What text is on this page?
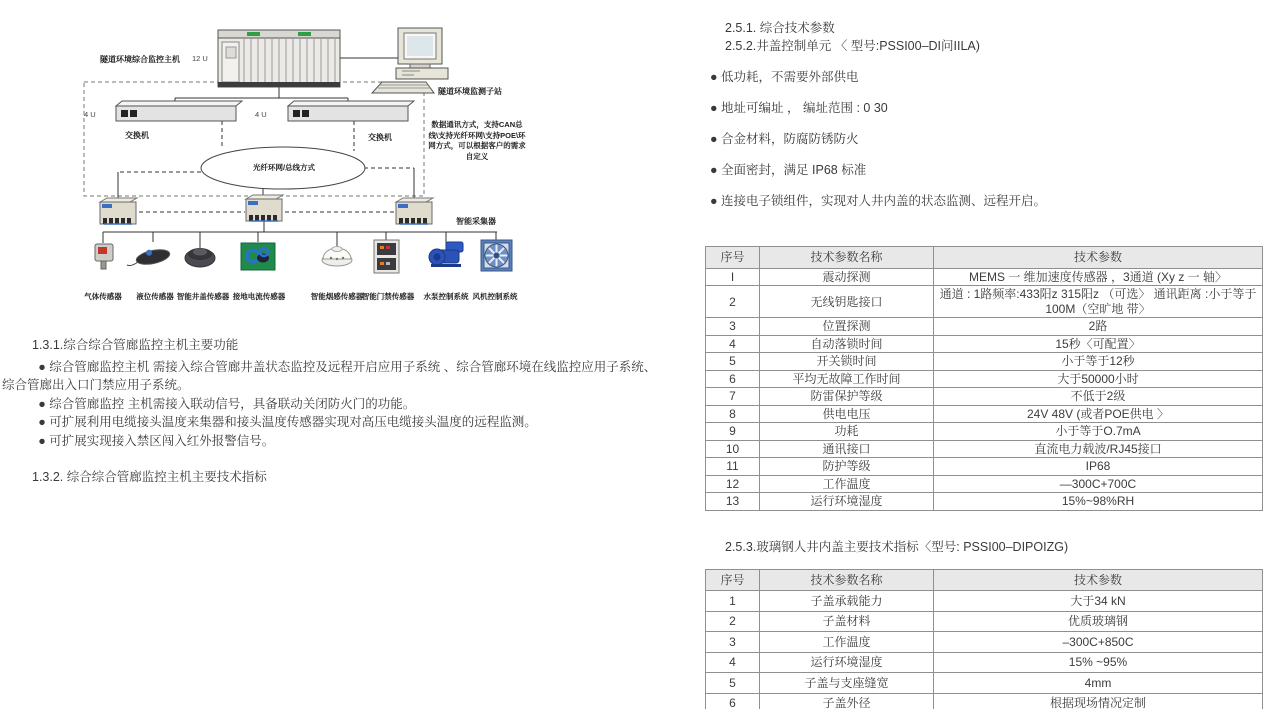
隧道环境综合监控主机 12 U
隧道环境监测子站
数据通讯方式，支持CAN总线\支持光纤环网\支持POE\环网方式，可以根据客户的需求自定义
4 U	4 U
交换机	交换机
光纤环网/总线方式
智能采集器
气体传感器	液位传感器 智能井盖传感器 接地电流传感器	智能烟感传感器
智能门禁传感器	水泵控制系统 风机控制系统

1.3.1.综合综合管廊监控主机主要功能

● 综合管廊监控主机 需接入综合管廊井盖状态监控及远程开启应用子系统 、综合管廊环境在线监控应用子系统、综合管廊出入口门禁应用子系统。

● 综合管廊监控 主机需接入联动信号，具备联动关闭防火门的功能。

● 可扩展利用电缆接头温度来集器和接头温度传感器实现对高压电缆接头温度的远程监测。

● 可扩展实现接入禁区闯入红外报警信号。

1.3.2. 综合综合管廊监控主机主要技术指标

2.5.1. 综合技术参数

2.5.2.井盖控制单元 〈 型号:PSSI00–DI问IILA)

● 低功耗，不需要外部供电

● 地址可编址 ， 编址范围 : 0 30

● 合金材料，防腐防锈防火

● 全面密封，满足 IP68 标准

● 连接电子锁组件，实现对人井内盖的状态监测、远程开启。

序号	技术参数名称	技术参数
I	震动探测	MEMS 一 维加速度传感器 ，3通道 (Xy z 一 轴〉
2	无线钥匙接口	通道 : 1路频率:433阳z 315阳z （可选〉 通讯距离 :小于等于100M（空旷地 带〉
3	位置探测	2路
4	自动落锁时间	15秒〈可配置〉
5	开关锁时间	小于等于12秒
6	平均无故障工作时间	大于50000小时
7	防雷保护等级	不低于2级
8	供电电压	24V 48V (或者POE供电 〉
9	功耗	小于等于O.7mA
10	通讯接口	直流电力载波/RJ45接口
11	防护等级	IP68
12	工作温度	—300C+700C
13	运行环境湿度	15%~98%RH

2.5.3.玻璃钢人井内盖主要技术指标〈型号: PSSI00–DIPOIZG)

序号	技术参数名称	技术参数
1	子盖承载能力	大于34 kN
2	子盖材料	优质玻璃钢
3	工作温度	–300C+850C
4	运行环境湿度	15% ~95%
5	子盖与支座缝宽	4mm
6	子盖外径	根据现场情况定制
